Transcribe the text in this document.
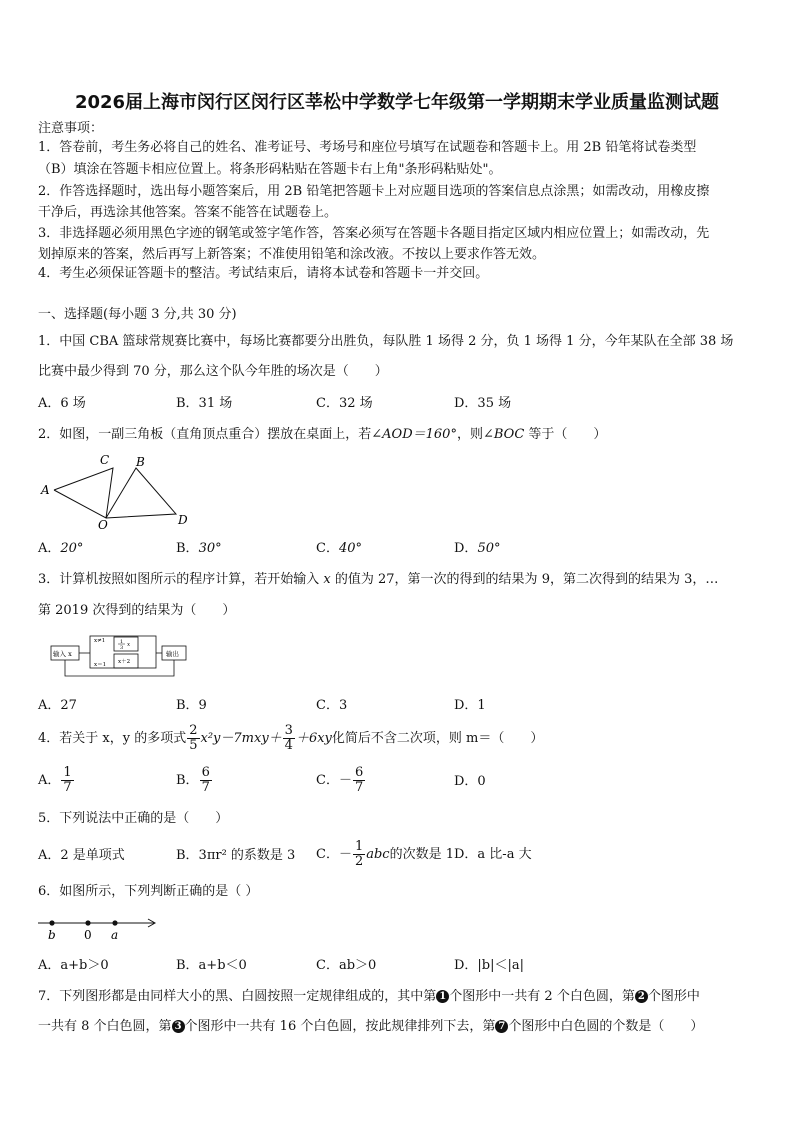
2026届上海市闵行区闵行区莘松中学数学七年级第一学期期末学业质量监测试题
注意事项：
1．答卷前，考生务必将自己的姓名、准考证号、考场号和座位号填写在试题卷和答题卡上。用 2B 铅笔将试卷类型
（B）填涂在答题卡相应位置上。将条形码粘贴在答题卡右上角"条形码粘贴处"。
2．作答选择题时，选出每小题答案后，用 2B 铅笔把答题卡上对应题目选项的答案信息点涂黑；如需改动，用橡皮擦
干净后，再选涂其他答案。答案不能答在试题卷上。
3．非选择题必须用黑色字迹的钢笔或签字笔作答，答案必须写在答题卡各题目指定区域内相应位置上；如需改动，先
划掉原来的答案，然后再写上新答案；不准使用铅笔和涂改液。不按以上要求作答无效。
4．考生必须保证答题卡的整洁。考试结束后，请将本试卷和答题卡一并交回。
一、选择题(每小题 3 分,共 30 分)
1．中国 CBA 篮球常规赛比赛中，每场比赛都要分出胜负，每队胜 1 场得 2 分，负 1 场得 1 分，今年某队在全部 38 场
比赛中最少得到 70 分，那么这个队今年胜的场次是（　　）
A．6 场	B．31 场	C．32 场	D．35 场
2．如图，一副三角板（直角顶点重合）摆放在桌面上，若∠AOD＝160°，则∠BOC 等于（　　）
A
C B
O	D
A．20°	B．30°	C．40°	D．50°
3．计算机按照如图所示的程序计算，若开始输入 x 的值为 27，第一次的得到的结果为 9，第二次得到的结果为 3，…
第 2019 次得到的结果为（　　）
输入 x
x≠1
x＝1
1
3 x
x＋2
输出
A．27	B．9	C．3	D．1
4．若关于 x，y 的多项式 $\frac{2}{5} x^2y-7mxy+ \frac{3}{4} +6xy$化简后不含二次项，则 m＝（　　）
A． $\frac{1}{7}$	B． $\frac{6}{7}$	C．－ $\frac{6}{7}$	D．0
5．下列说法中正确的是（　　）
A．2 是单项式	B．3πr² 的系数是 3 C．－ $\frac{1}{2}$ abc的次数是 1D．a 比-a 大
6．如图所示，下列判断正确的是（ ）
b 0 a
A．a+b＞0	B．a+b＜0	C．ab＞0	D．|b|＜|a|
7．下列图形都是由同样大小的黑、白圆按照一定规律组成的，其中第 1 个图形中一共有 2 个白色圆，第 2 个图形中
一共有 8 个白色圆，第 3 个图形中一共有 16 个白色圆，按此规律排列下去，第 7 个图形中白色圆的个数是（　　）
